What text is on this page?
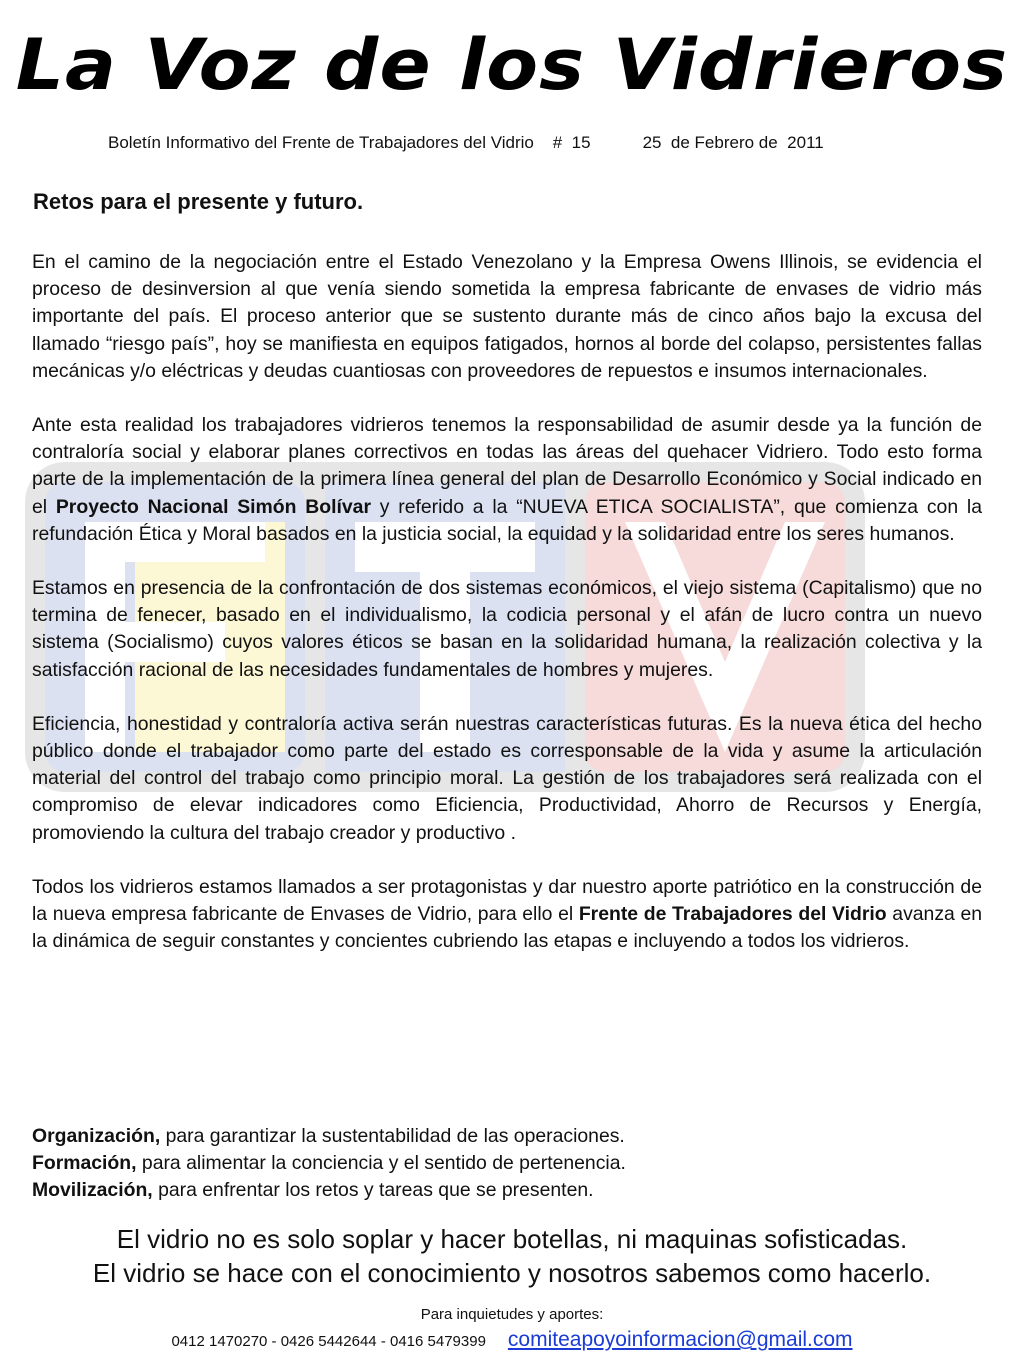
La Voz de los Vidrieros
Boletín Informativo del Frente de Trabajadores del Vidrio #  15	25  de Febrero de  2011
Retos para el presente y futuro.

En el camino de la negociación entre el Estado Venezolano y la Empresa Owens Illinois, se evidencia el proceso de desinversion al que venía siendo sometida la empresa fabricante de envases de vidrio más importante del país. El proceso anterior que se sustento durante más de cinco años bajo la excusa del llamado “riesgo país”, hoy se manifiesta en equipos fatigados, hornos al borde del colapso, persistentes fallas mecánicas y/o eléctricas y deudas cuantiosas con proveedores de repuestos e insumos internacionales.

Ante esta realidad los trabajadores vidrieros tenemos la responsabilidad de asumir desde ya la función de contraloría social y elaborar planes correctivos en todas las áreas del quehacer Vidriero. Todo esto forma parte de la implementación de la primera línea general del plan de Desarrollo Económico y Social indicado en el Proyecto Nacional Simón Bolívar y referido a la “NUEVA ETICA SOCIALISTA”, que comienza con la refundación Ética y Moral basados en la justicia social, la equidad y la solidaridad entre los seres humanos.

Estamos en presencia de la confrontación de dos sistemas económicos, el viejo sistema (Capitalismo) que no termina de fenecer, basado en el individualismo, la codicia personal y el afán de lucro contra un nuevo sistema (Socialismo) cuyos valores éticos se basan en la solidaridad humana, la realización colectiva y la satisfacción racional de las necesidades fundamentales de hombres y mujeres.

Eficiencia, honestidad y contraloría activa serán nuestras características futuras. Es la nueva ética del hecho público donde el trabajador como parte del estado es corresponsable de la vida y asume la articulación material del control del trabajo como principio moral. La gestión de los trabajadores será realizada con el compromiso de elevar indicadores como Eficiencia, Productividad, Ahorro de Recursos y Energía, promoviendo la cultura del trabajo creador y productivo .

Todos los vidrieros estamos llamados a ser protagonistas y dar nuestro aporte patriótico en la construcción de la nueva empresa fabricante de Envases de Vidrio, para ello el Frente de Trabajadores del Vidrio avanza en la dinámica de seguir constantes y concientes cubriendo las etapas e incluyendo a todos los vidrieros.

Organización, para garantizar la sustentabilidad de las operaciones.
Formación, para alimentar la conciencia y el sentido de pertenencia.
Movilización, para enfrentar los retos y tareas que se presenten.
El vidrio no es solo soplar y hacer botellas, ni maquinas sofisticadas.
El vidrio se hace con el conocimiento y nosotros sabemos como hacerlo.
Para inquietudes y aportes:
0412 1470270 - 0426 5442644 - 0416 5479399 comiteapoyoinformacion@gmail.com
